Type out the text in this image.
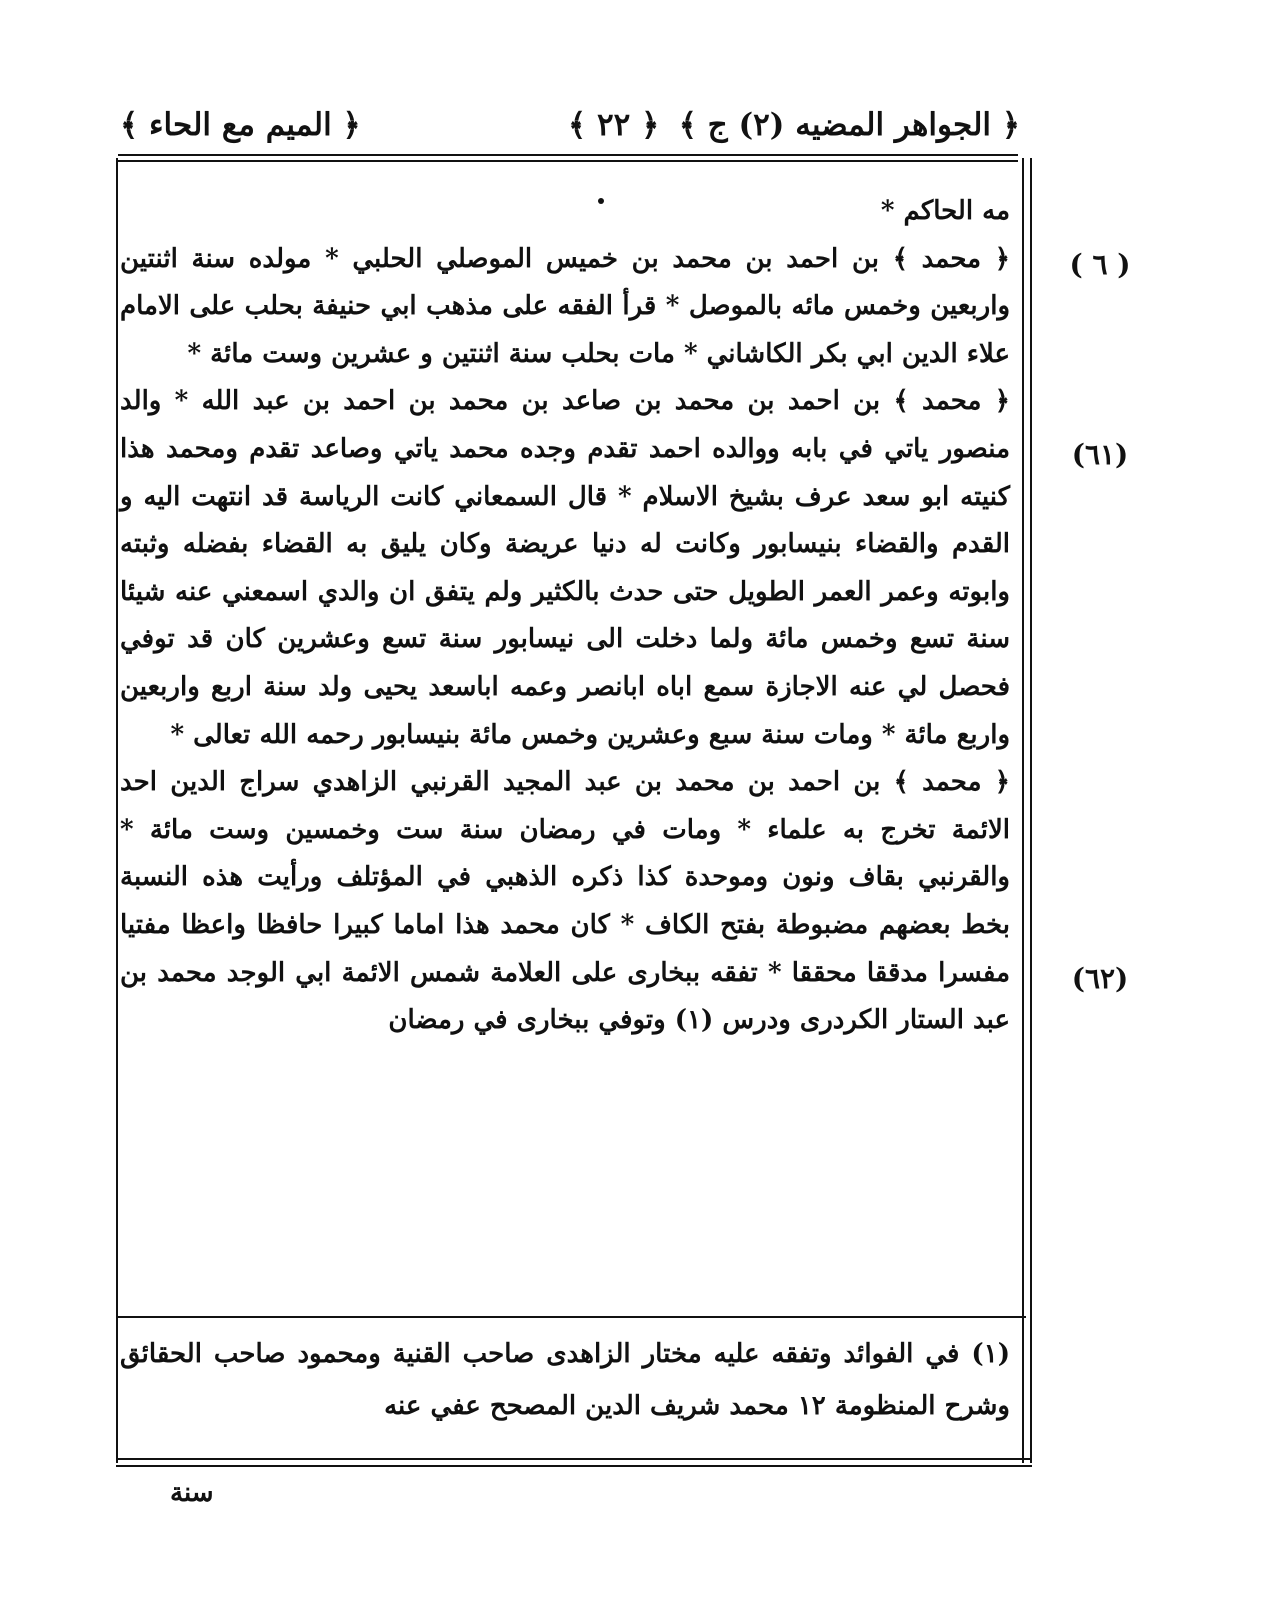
﴿ الجواهر المضيه (٢) ج ﴾
﴿ ٢٢ ﴾
﴿ الميم مع الحاء ﴾
( ٦ )
(٦١)
(٦٢)

مه الحاكم *

﴿ محمد ﴾ بن احمد بن محمد بن خميس الموصلي الحلبي * مولده سنة اثنتين واربعين وخمس مائه بالموصل * قرأ الفقه على مذهب ابي حنيفة بحلب على الامام علاء الدين ابي بكر الكاشاني * مات بحلب سنة اثنتين و عشرين وست مائة *

﴿ محمد ﴾ بن احمد بن محمد بن صاعد بن محمد بن احمد بن عبد الله * والد منصور ياتي في بابه ووالده احمد تقدم وجده محمد ياتي وصاعد تقدم ومحمد هذا كنيته ابو سعد عرف بشيخ الاسلام * قال السمعاني كانت الرياسة قد انتهت اليه و القدم والقضاء بنيسابور وكانت له دنيا عريضة وكان يليق به القضاء بفضله وثبته وابوته وعمر العمر الطويل حتى حدث بالكثير ولم يتفق ان والدي اسمعني عنه شيئا سنة تسع وخمس مائة ولما دخلت الى نيسابور سنة تسع وعشرين كان قد توفي فحصل لي عنه الاجازة سمع اباه ابانصر وعمه اباسعد يحيى ولد سنة اربع واربعين واربع مائة * ومات سنة سبع وعشرين وخمس مائة بنيسابور رحمه الله تعالى *

﴿ محمد ﴾ بن احمد بن محمد بن عبد المجيد القرنبي الزاهدي سراج الدين احد الائمة تخرج به علماء * ومات في رمضان سنة ست وخمسين وست مائة * والقرنبي بقاف ونون وموحدة كذا ذكره الذهبي في المؤتلف ورأيت هذه النسبة بخط بعضهم مضبوطة بفتح الكاف * كان محمد هذا اماما كبيرا حافظا واعظا مفتيا مفسرا مدققا محققا * تفقه ببخارى على العلامة شمس الائمة ابي الوجد محمد بن عبد الستار الكردرى ودرس (١) وتوفي ببخارى في رمضان

(١) في الفوائد وتفقه عليه مختار الزاهدى صاحب القنية ومحمود صاحب الحقائق وشرح المنظومة ١٢ محمد شريف الدين المصحح عفي عنه

سنة
